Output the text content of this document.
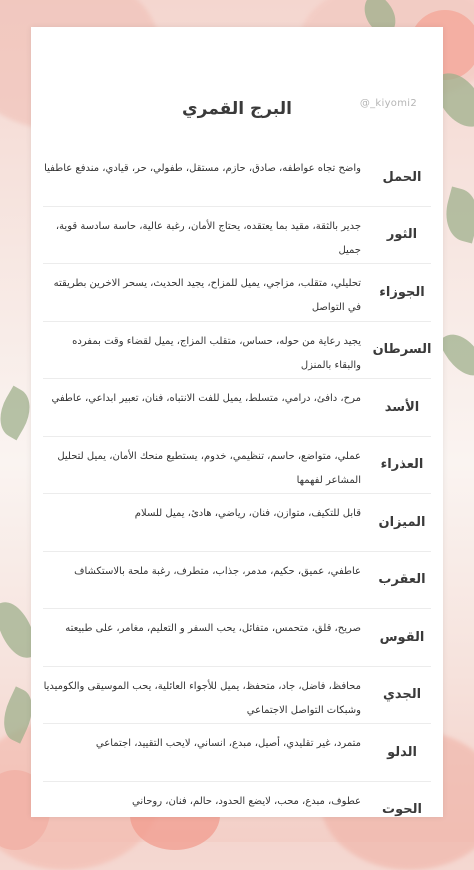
البرج القمري	@_kiyomi2
الحمل
واضح تجاه عواطفه، صادق، حازم، مستقل، طفولي، حر، قيادي، مندفع عاطفيا
الثور
جدير بالثقة، مقيد بما يعتقده، يحتاج الأمان، رغبة عالية، حاسة سادسة قوية، جميل
الجوزاء
تحليلي، متقلب، مزاجي، يميل للمزاح، يجيد الحديث، يسحر الاخرين بطريقته في التواصل
السرطان
يجيد رعاية من حوله، حساس، متقلب المزاج، يميل لقضاء وقت بمفرده والبقاء بالمنزل
الأسد
مرح، دافئ، درامي، متسلط، يميل للفت الانتباه، فنان، تعبير ابداعي، عاطفي
العذراء
عملي، متواضع، حاسم، تنظيمي، خدوم، يستطيع منحك الأمان، يميل لتحليل المشاعر لفهمها
الميزان
قابل للتكيف، متوازن، فنان، رياضي، هادئ، يميل للسلام
العقرب
عاطفي، عميق، حكيم، مدمر، جذاب، متطرف، رغبة ملحة بالاستكشاف
القوس
صريح، قلق، متحمس، متفائل، يحب السفر و التعليم، مغامر، على طبيعته
الجدي
محافظ، فاضل، جاد، متحفظ، يميل للأجواء العائلية، يحب الموسيقى والكوميديا وشبكات التواصل الاجتماعي
الدلو
متمرد، غير تقليدي، أصيل، مبدع، انساني، لايحب التقييد، اجتماعي
الحوت
عطوف، مبدع، محب، لايضع الحدود، حالم، فنان، روحاني
